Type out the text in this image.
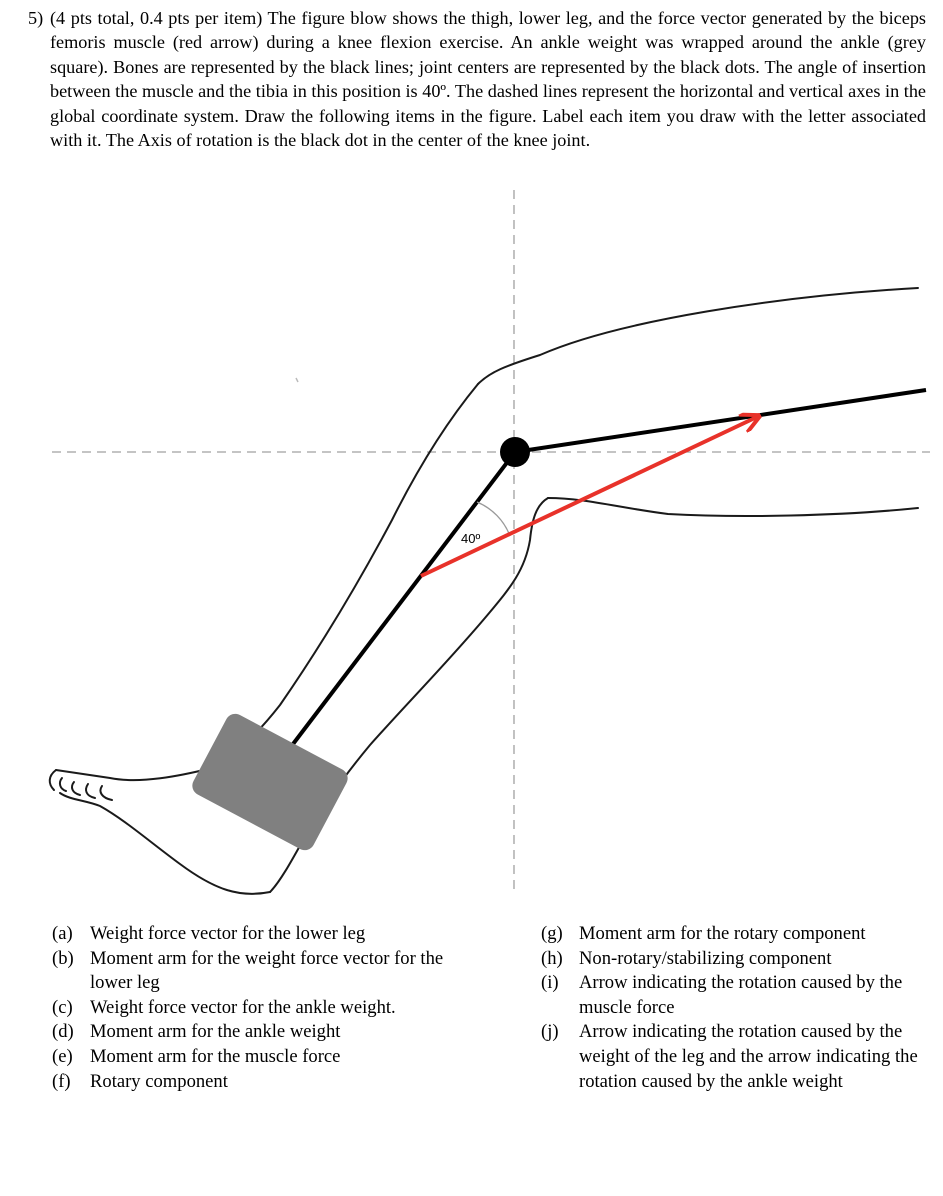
5) (4 pts total, 0.4 pts per item) The figure blow shows the thigh, lower leg, and the force vector generated by the biceps femoris muscle (red arrow) during a knee flexion exercise. An ankle weight was wrapped around the ankle (grey square). Bones are represented by the black lines; joint centers are represented by the black dots. The angle of insertion between the muscle and the tibia in this position is 40º. The dashed lines represent the horizontal and vertical axes in the global coordinate system. Draw the following items in the figure. Label each item you draw with the letter associated with it. The Axis of rotation is the black dot in the center of the knee joint.
40º
(a) Weight force vector for the lower leg
(b) Moment arm for the weight force vector for the lower leg
(c) Weight force vector for the ankle weight.
(d) Moment arm for the ankle weight
(e) Moment arm for the muscle force
(f)	Rotary component
(g) Moment arm for the rotary component
(h) Non-rotary/stabilizing component
(i)	Arrow indicating the rotation caused by the muscle force
(j)	Arrow indicating the rotation caused by the weight of the leg and the arrow indicating the rotation caused by the ankle weight
